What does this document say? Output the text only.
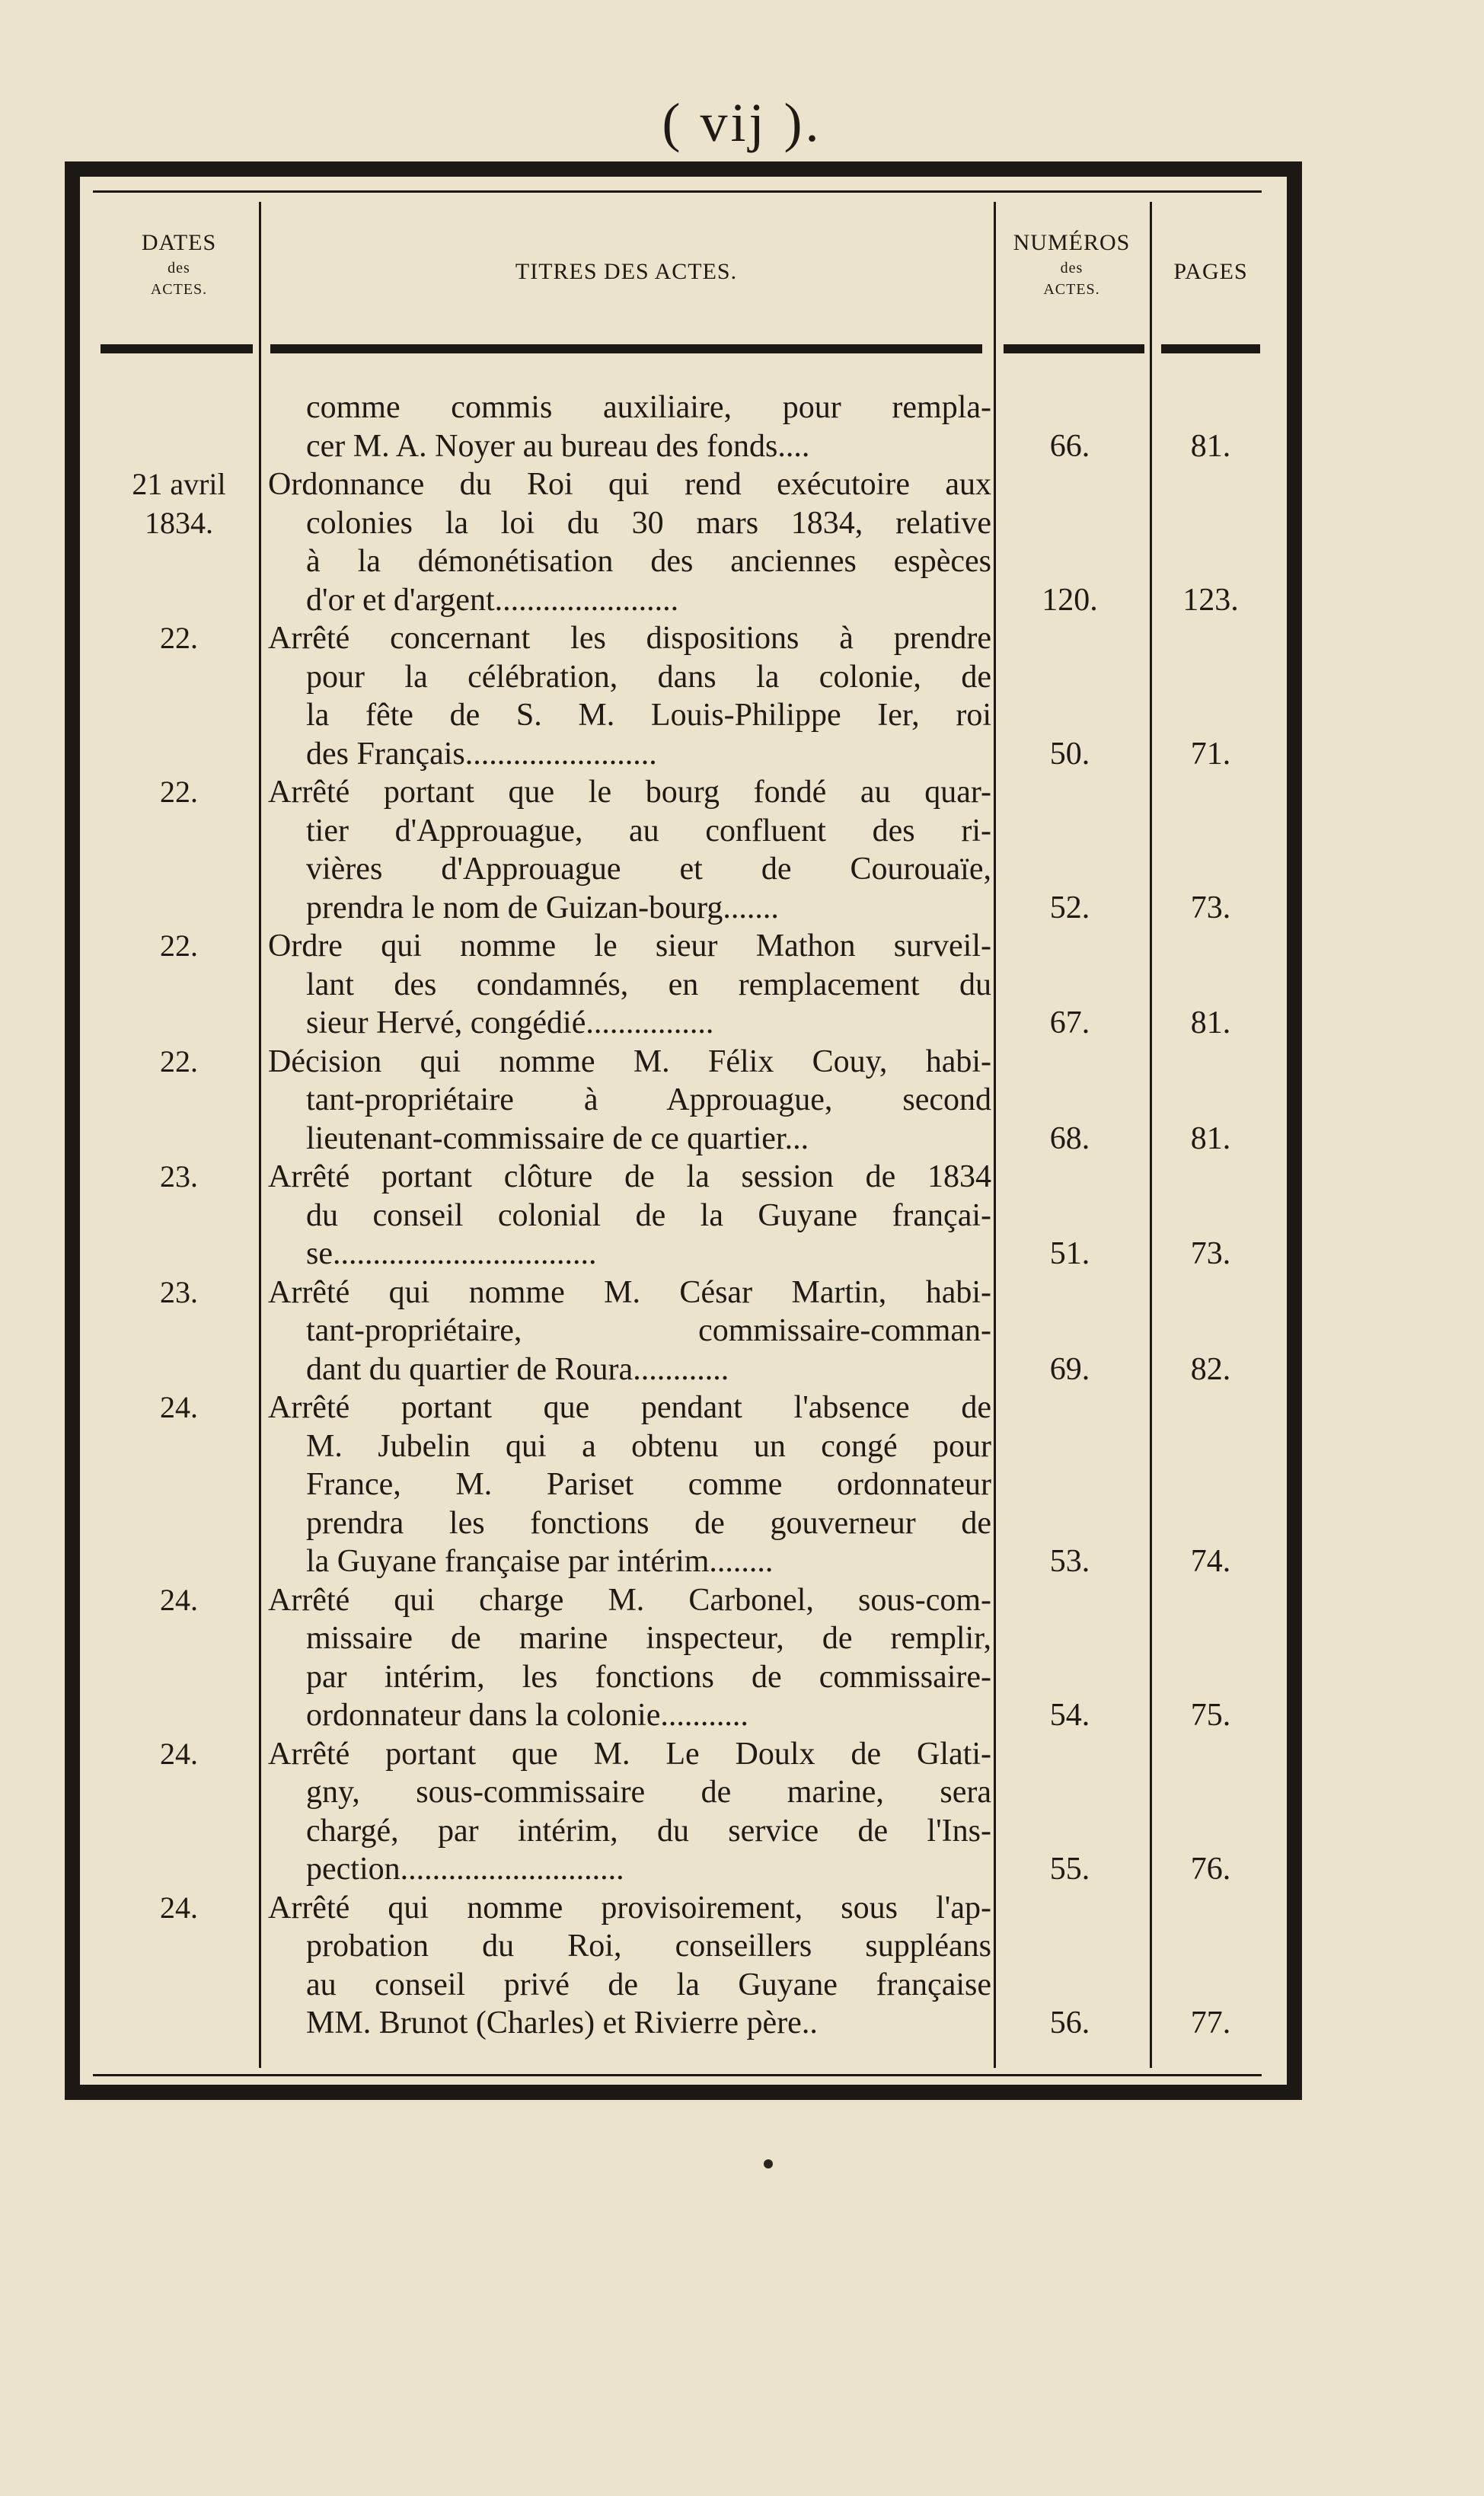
( vij ).
DATES
des
ACTES.
TITRES DES ACTES.
NUMÉROS
des
ACTES.
PAGES
21 avril 1834.
22.
22.
22.
22.
23.
23.
24.
24.
24.
24.
comme commis auxiliaire, pour rempla-
cer M. A. Noyer au bureau des fonds....
Ordonnance du Roi qui rend exécutoire aux
colonies la loi du 30 mars 1834, relative
à la démonétisation des anciennes espèces
d'or et d'argent.......................
Arrêté concernant les dispositions à prendre
pour la célébration, dans la colonie, de
la fête de S. M. Louis-Philippe Ier, roi
des Français........................
Arrêté portant que le bourg fondé au quar-
tier d'Approuague, au confluent des ri-
vières d'Approuague et de Courouaïe,
prendra le nom de Guizan-bourg.......
Ordre qui nomme le sieur Mathon surveil-
lant des condamnés, en remplacement du
sieur Hervé, congédié................
Décision qui nomme M. Félix Couy, habi-
tant-propriétaire à Approuague, second
lieutenant-commissaire de ce quartier...
Arrêté portant clôture de la session de 1834
du conseil colonial de la Guyane françai-
se.................................
Arrêté qui nomme M. César Martin, habi-
tant-propriétaire, commissaire-comman-
dant du quartier de Roura............
Arrêté portant que pendant l'absence de
M. Jubelin qui a obtenu un congé pour
France, M. Pariset comme ordonnateur
prendra les fonctions de gouverneur de
la Guyane française par intérim........
Arrêté qui charge M. Carbonel, sous-com-
missaire de marine inspecteur, de remplir,
par intérim, les fonctions de commissaire-
ordonnateur dans la colonie...........
Arrêté portant que M. Le Doulx de Glati-
gny, sous-commissaire de marine, sera
chargé, par intérim, du service de l'Ins-
pection............................
Arrêté qui nomme provisoirement, sous l'ap-
probation du Roi, conseillers suppléans
au conseil privé de la Guyane française
MM. Brunot (Charles) et Rivierre père..
66.
120.
50.
52.
67.
68.
51.
69.
53.
54.
55.
56.
81.
123.
71.
73.
81.
81.
73.
82.
74.
75.
76.
77.
